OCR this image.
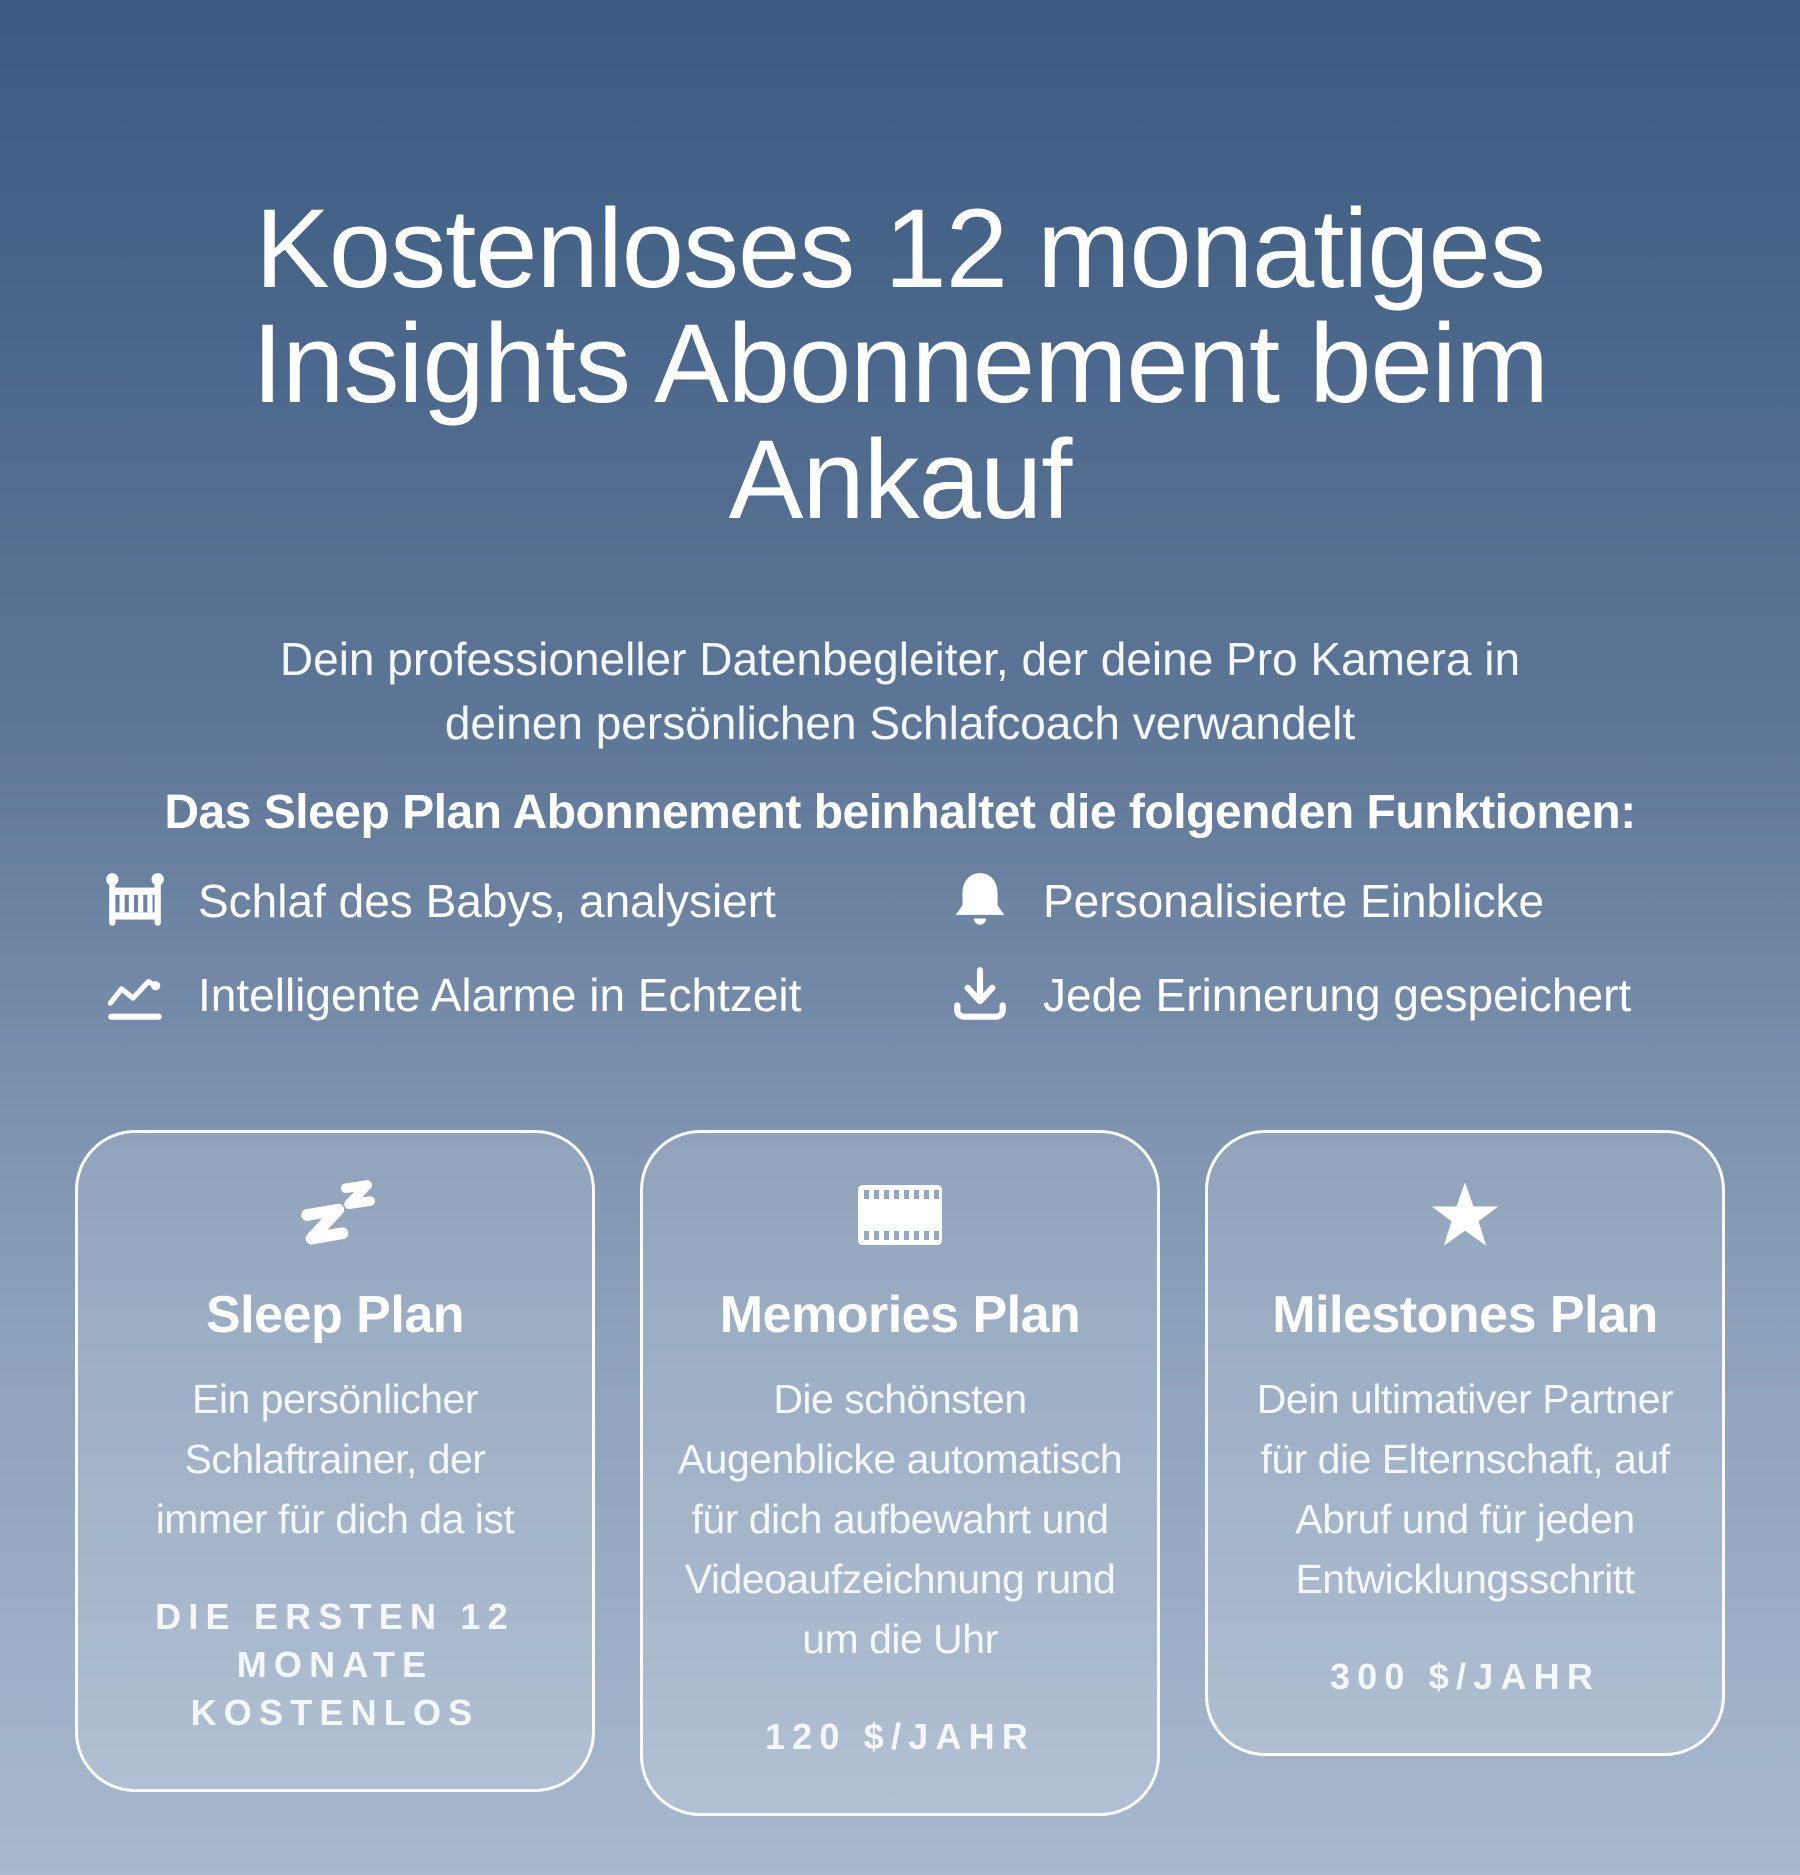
Kostenloses 12 monatiges
Insights Abonnement beim
Ankauf
Dein professioneller Datenbegleiter, der deine Pro Kamera in
deinen persönlichen Schlafcoach verwandelt
Das Sleep Plan Abonnement beinhaltet die folgenden Funktionen:
Schlaf des Babys, analysiert	Personalisierte Einblicke
Intelligente Alarme in Echtzeit	Jede Erinnerung gespeichert
Sleep Plan
Ein persönlicher
Schlaftrainer, der
immer für dich da ist
DIE ERSTEN 12
MONATE
KOSTENLOS
Memories Plan
Die schönsten
Augenblicke automatisch
für dich aufbewahrt und
Videoaufzeichnung rund
um die Uhr
120 $/JAHR
Milestones Plan
Dein ultimativer Partner
für die Elternschaft, auf
Abruf und für jeden
Entwicklungsschritt
300 $/JAHR
